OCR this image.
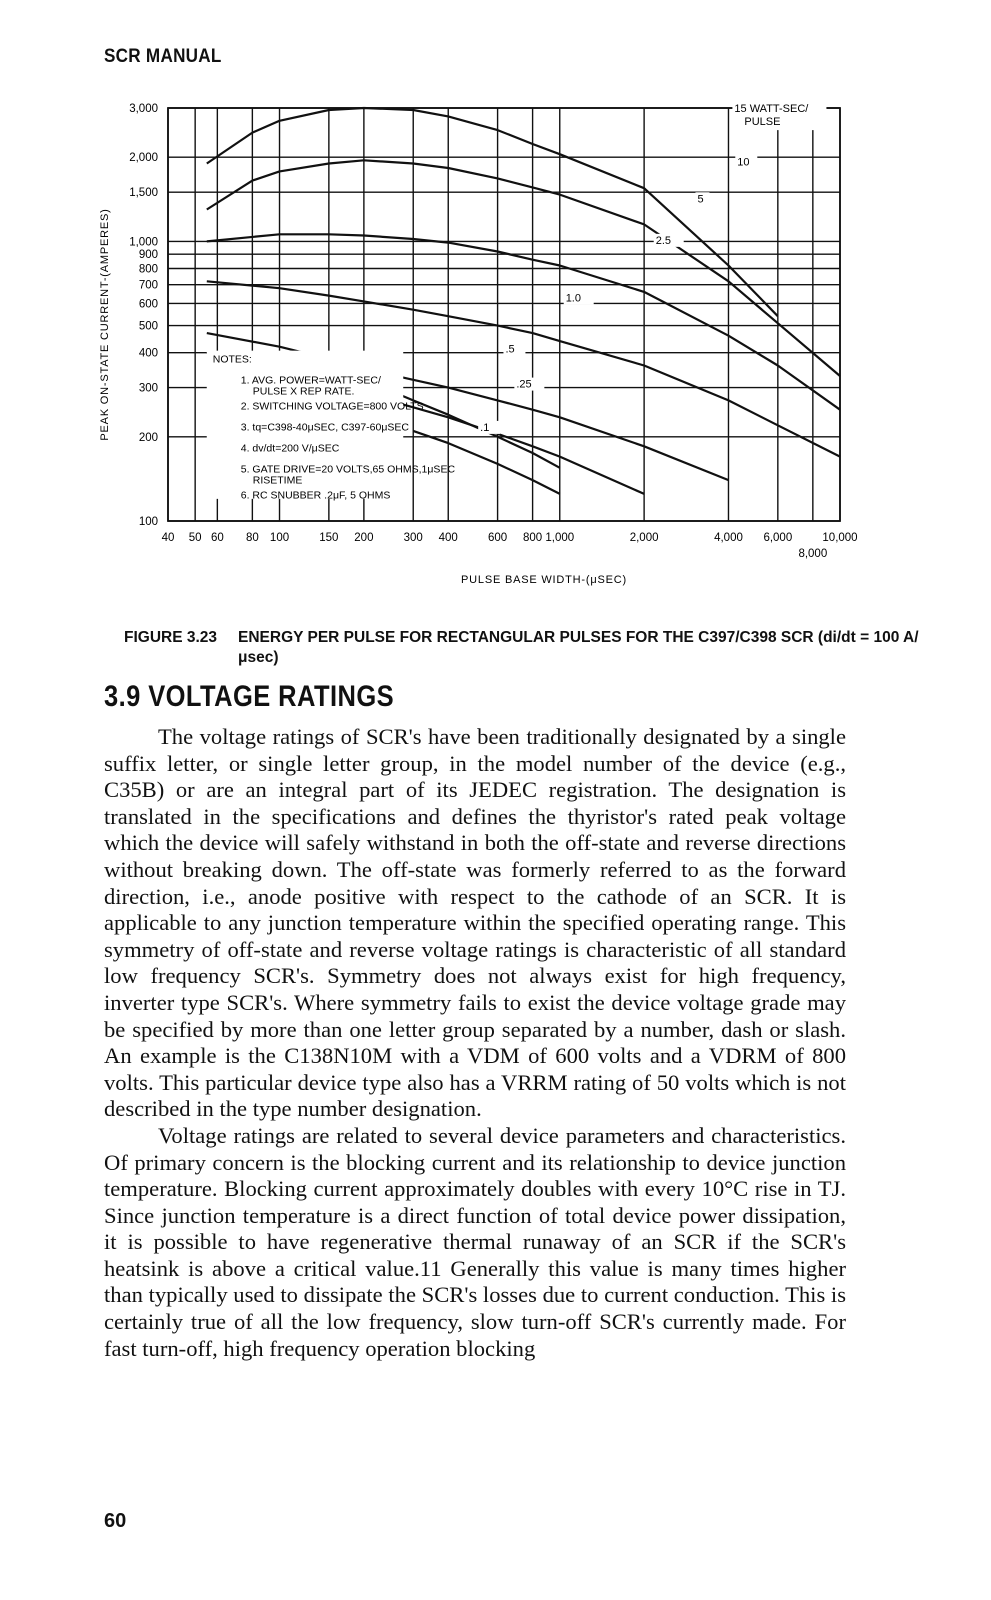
SCR MANUAL
15 WATT-SEC/
PULSE
10
5
2.5
1.0
.5
.25
.1
100
200
300
400
500
600
700
800
900
1,000
1,500
2,000
3,000
40 50 60 80 100	150 200	300 400	600 800 1,000	2,000	4,000 6,000
8,000
10,000
PULSE BASE WIDTH-(μSEC)
PEAK ON-STATE CURRENT-(AMPERES)	NOTES:
1. AVG. POWER=WATT-SEC/
PULSE X REP RATE.
2. SWITCHING VOLTAGE=800 VOLTS
3. tq=C398-40μSEC, C397-60μSEC
4. dv/dt=200 V/μSEC
5. GATE DRIVE=20 VOLTS,65 OHMS,1μSEC
RISETIME
6. RC SNUBBER .2μF, 5 OHMS
FIGURE 3.23 ENERGY PER PULSE FOR RECTANGULAR PULSES FOR THE C397/C398 SCR (di/dt = 100 A/μsec)
3.9 VOLTAGE RATINGS

The voltage ratings of SCR's have been traditionally designated by a single suffix letter, or single letter group, in the model number of the device (e.g., C35B) or are an integral part of its JEDEC registration. The designation is translated in the specifications and defines the thyristor's rated peak voltage which the device will safely withstand in both the off-state and reverse directions without breaking down. The off-state was formerly referred to as the forward direction, i.e., anode positive with respect to the cathode of an SCR. It is applicable to any junction temperature within the specified operating range. This symmetry of off-state and reverse voltage ratings is characteristic of all standard low frequency SCR's. Symmetry does not always exist for high frequency, inverter type SCR's. Where symmetry fails to exist the device voltage grade may be specified by more than one letter group separated by a number, dash or slash. An example is the C138N10M with a VDM of 600 volts and a VDRM of 800 volts. This particular device type also has a VRRM rating of 50 volts which is not described in the type number designation.

Voltage ratings are related to several device parameters and characteristics. Of primary concern is the blocking current and its relationship to device junction temperature. Blocking current approximately doubles with every 10°C rise in TJ. Since junction temperature is a direct function of total device power dissipation, it is possible to have regenerative thermal runaway of an SCR if the SCR's heatsink is above a critical value.11 Generally this value is many times higher than typically used to dissipate the SCR's losses due to current conduction. This is certainly true of all the low frequency, slow turn-off SCR's currently made. For fast turn-off, high frequency operation blocking

60
